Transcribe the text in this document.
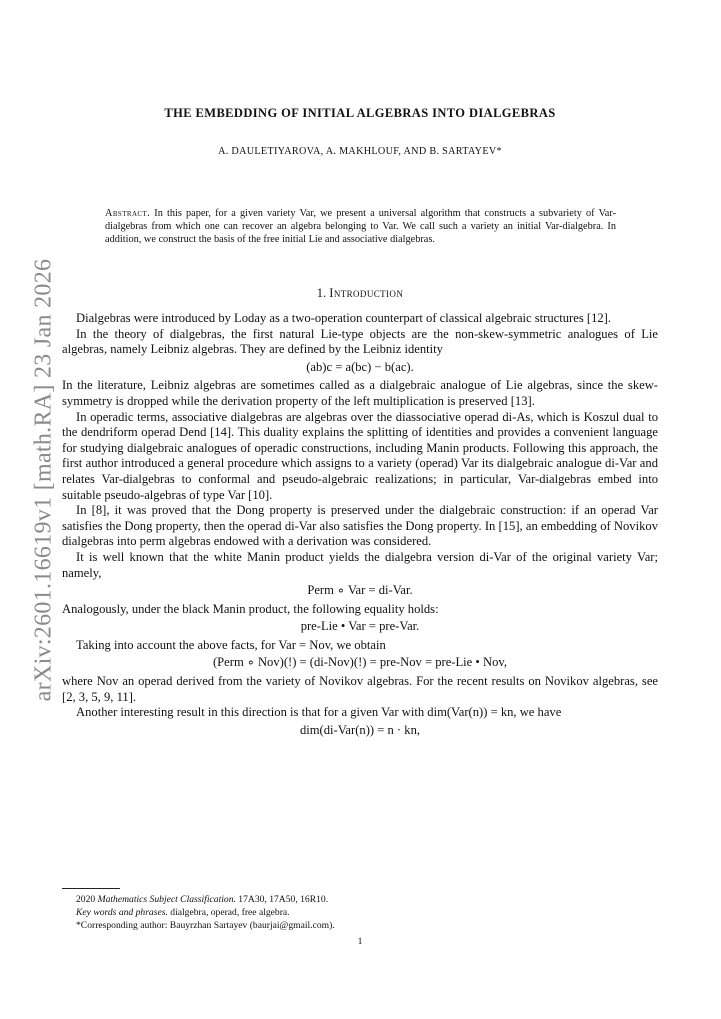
arXiv:2601.16619v1 [math.RA] 23 Jan 2026
THE EMBEDDING OF INITIAL ALGEBRAS INTO DIALGEBRAS
A. DAULETIYAROVA, A. MAKHLOUF, AND B. SARTAYEV*
Abstract. In this paper, for a given variety Var, we present a universal algorithm that constructs a subvariety of Var-dialgebras from which one can recover an algebra belonging to Var. We call such a variety an initial Var-dialgebra. In addition, we construct the basis of the free initial Lie and associative dialgebras.
1. Introduction

Dialgebras were introduced by Loday as a two-operation counterpart of classical algebraic structures [12].

In the theory of dialgebras, the first natural Lie-type objects are the non-skew-symmetric analogues of Lie algebras, namely Leibniz algebras. They are defined by the Leibniz identity

(ab)c = a(bc) − b(ac).

In the literature, Leibniz algebras are sometimes called as a dialgebraic analogue of Lie algebras, since the skew-symmetry is dropped while the derivation property of the left multiplication is preserved [13].

In operadic terms, associative dialgebras are algebras over the diassociative operad di-As, which is Koszul dual to the dendriform operad Dend [14]. This duality explains the splitting of identities and provides a convenient language for studying dialgebraic analogues of operadic constructions, including Manin products. Following this approach, the first author introduced a general procedure which assigns to a variety (operad) Var its dialgebraic analogue di-Var and relates Var-dialgebras to conformal and pseudo-algebraic realizations; in particular, Var-dialgebras embed into suitable pseudo-algebras of type Var [10].

In [8], it was proved that the Dong property is preserved under the dialgebraic construction: if an operad Var satisfies the Dong property, then the operad di-Var also satisfies the Dong property. In [15], an embedding of Novikov dialgebras into perm algebras endowed with a derivation was considered.

It is well known that the white Manin product yields the dialgebra version di-Var of the original variety Var; namely,

Perm ∘ Var = di-Var.

Analogously, under the black Manin product, the following equality holds:

pre-Lie • Var = pre-Var.

Taking into account the above facts, for Var = Nov, we obtain

(Perm ∘ Nov)(!) = (di-Nov)(!) = pre-Nov = pre-Lie • Nov,

where Nov an operad derived from the variety of Novikov algebras. For the recent results on Novikov algebras, see [2, 3, 5, 9, 11].

Another interesting result in this direction is that for a given Var with dim(Var(n)) = kn, we have

dim(di-Var(n)) = n · kn,
2020 Mathematics Subject Classification. 17A30, 17A50, 16R10.
Key words and phrases. dialgebra, operad, free algebra.
*Corresponding author: Bauyrzhan Sartayev (baurjai@gmail.com).
1
